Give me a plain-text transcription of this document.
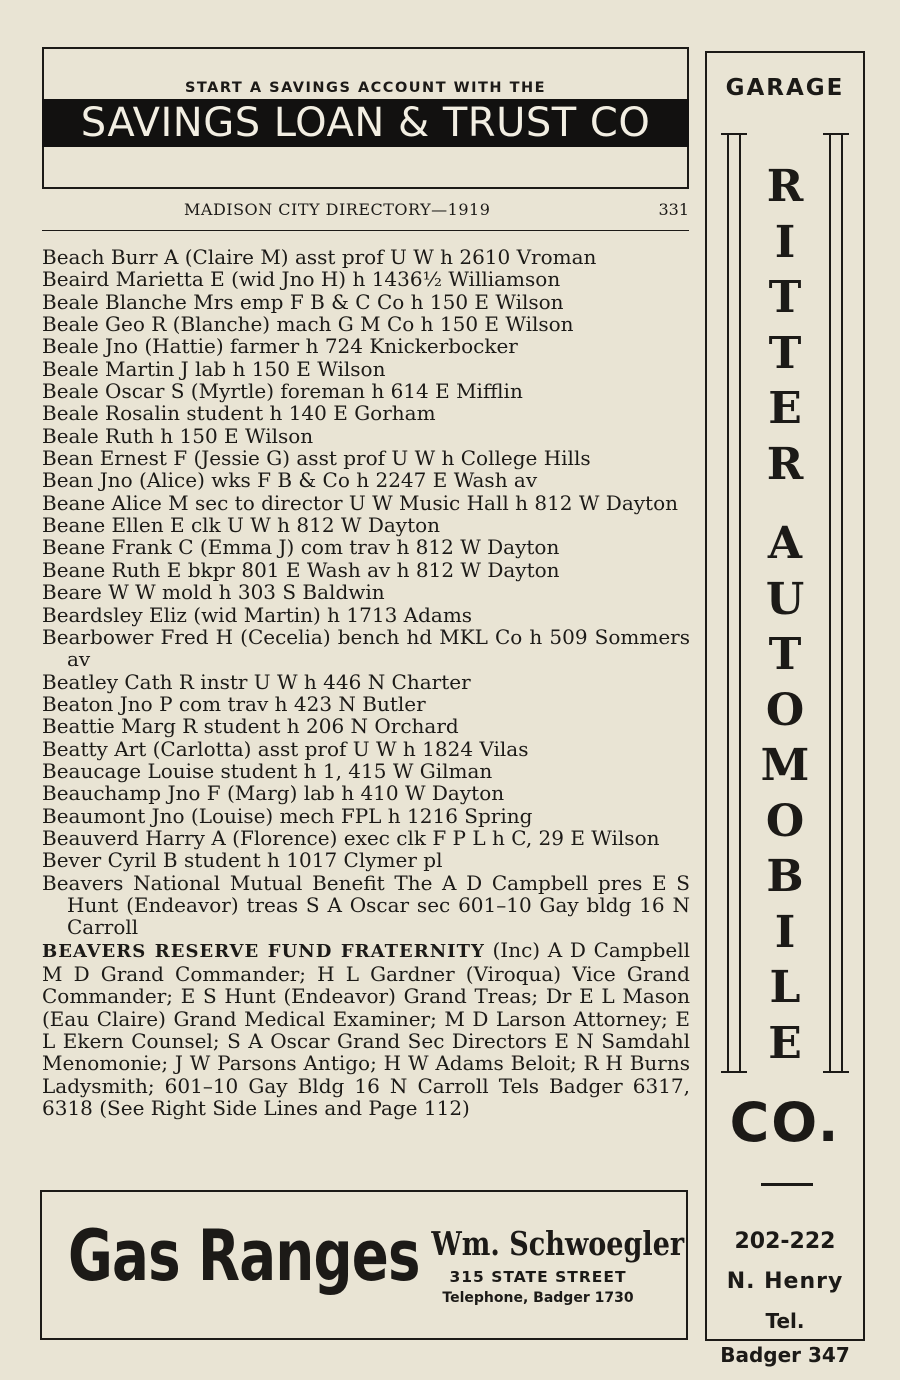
START A SAVINGS ACCOUNT WITH THE
SAVINGS LOAN & TRUST CO
MADISON CITY DIRECTORY—1919	331
Beach Burr A (Claire M) asst prof U W h 2610 Vroman
Beaird Marietta E (wid Jno H) h 1436½ Williamson
Beale Blanche Mrs emp F B & C Co h 150 E Wilson
Beale Geo R (Blanche) mach G M Co h 150 E Wilson
Beale Jno (Hattie) farmer h 724 Knickerbocker
Beale Martin J lab h 150 E Wilson
Beale Oscar S (Myrtle) foreman h 614 E Mifflin
Beale Rosalin student h 140 E Gorham
Beale Ruth h 150 E Wilson
Bean Ernest F (Jessie G) asst prof U W h College Hills
Bean Jno (Alice) wks F B & Co h 2247 E Wash av
Beane Alice M sec to director U W Music Hall h 812 W Dayton
Beane Ellen E clk U W h 812 W Dayton
Beane Frank C (Emma J) com trav h 812 W Dayton
Beane Ruth E bkpr 801 E Wash av h 812 W Dayton
Beare W W mold h 303 S Baldwin
Beardsley Eliz (wid Martin) h 1713 Adams
Bearbower Fred H (Cecelia) bench hd MKL Co h 509 Sommers av
Beatley Cath R instr U W h 446 N Charter
Beaton Jno P com trav h 423 N Butler
Beattie Marg R student h 206 N Orchard
Beatty Art (Carlotta) asst prof U W h 1824 Vilas
Beaucage Louise student h 1, 415 W Gilman
Beauchamp Jno F (Marg) lab h 410 W Dayton
Beaumont Jno (Louise) mech FPL h 1216 Spring
Beauverd Harry A (Florence) exec clk F P L h C, 29 E Wilson
Bever Cyril B student h 1017 Clymer pl
Beavers National Mutual Benefit The A D Campbell pres E S Hunt (Endeavor) treas S A Oscar sec 601–10 Gay bldg 16 N Carroll
BEAVERS RESERVE FUND FRATERNITY (Inc) A D Campbell M D Grand Commander; H L Gardner (Viroqua) Vice Grand Commander; E S Hunt (Endeavor) Grand Treas; Dr E L Mason (Eau Claire) Grand Medical Examiner; M D Larson Attorney; E L Ekern Counsel; S A Oscar Grand Sec Directors E N Samdahl Menomonie; J W Parsons Antigo; H W Adams Beloit; R H Burns Ladysmith; 601–10 Gay Bldg 16 N Carroll Tels Badger 6317, 6318 (See Right Side Lines and Page 112)
Gas Ranges Wm. Schwoegler
315 STATE STREET
Telephone, Badger 1730
GARAGE
R
I
T
T
E
R
A
U
T
O
M
O
B
I
L
E
CO.
202-222
N. Henry
Tel.
Badger 347
